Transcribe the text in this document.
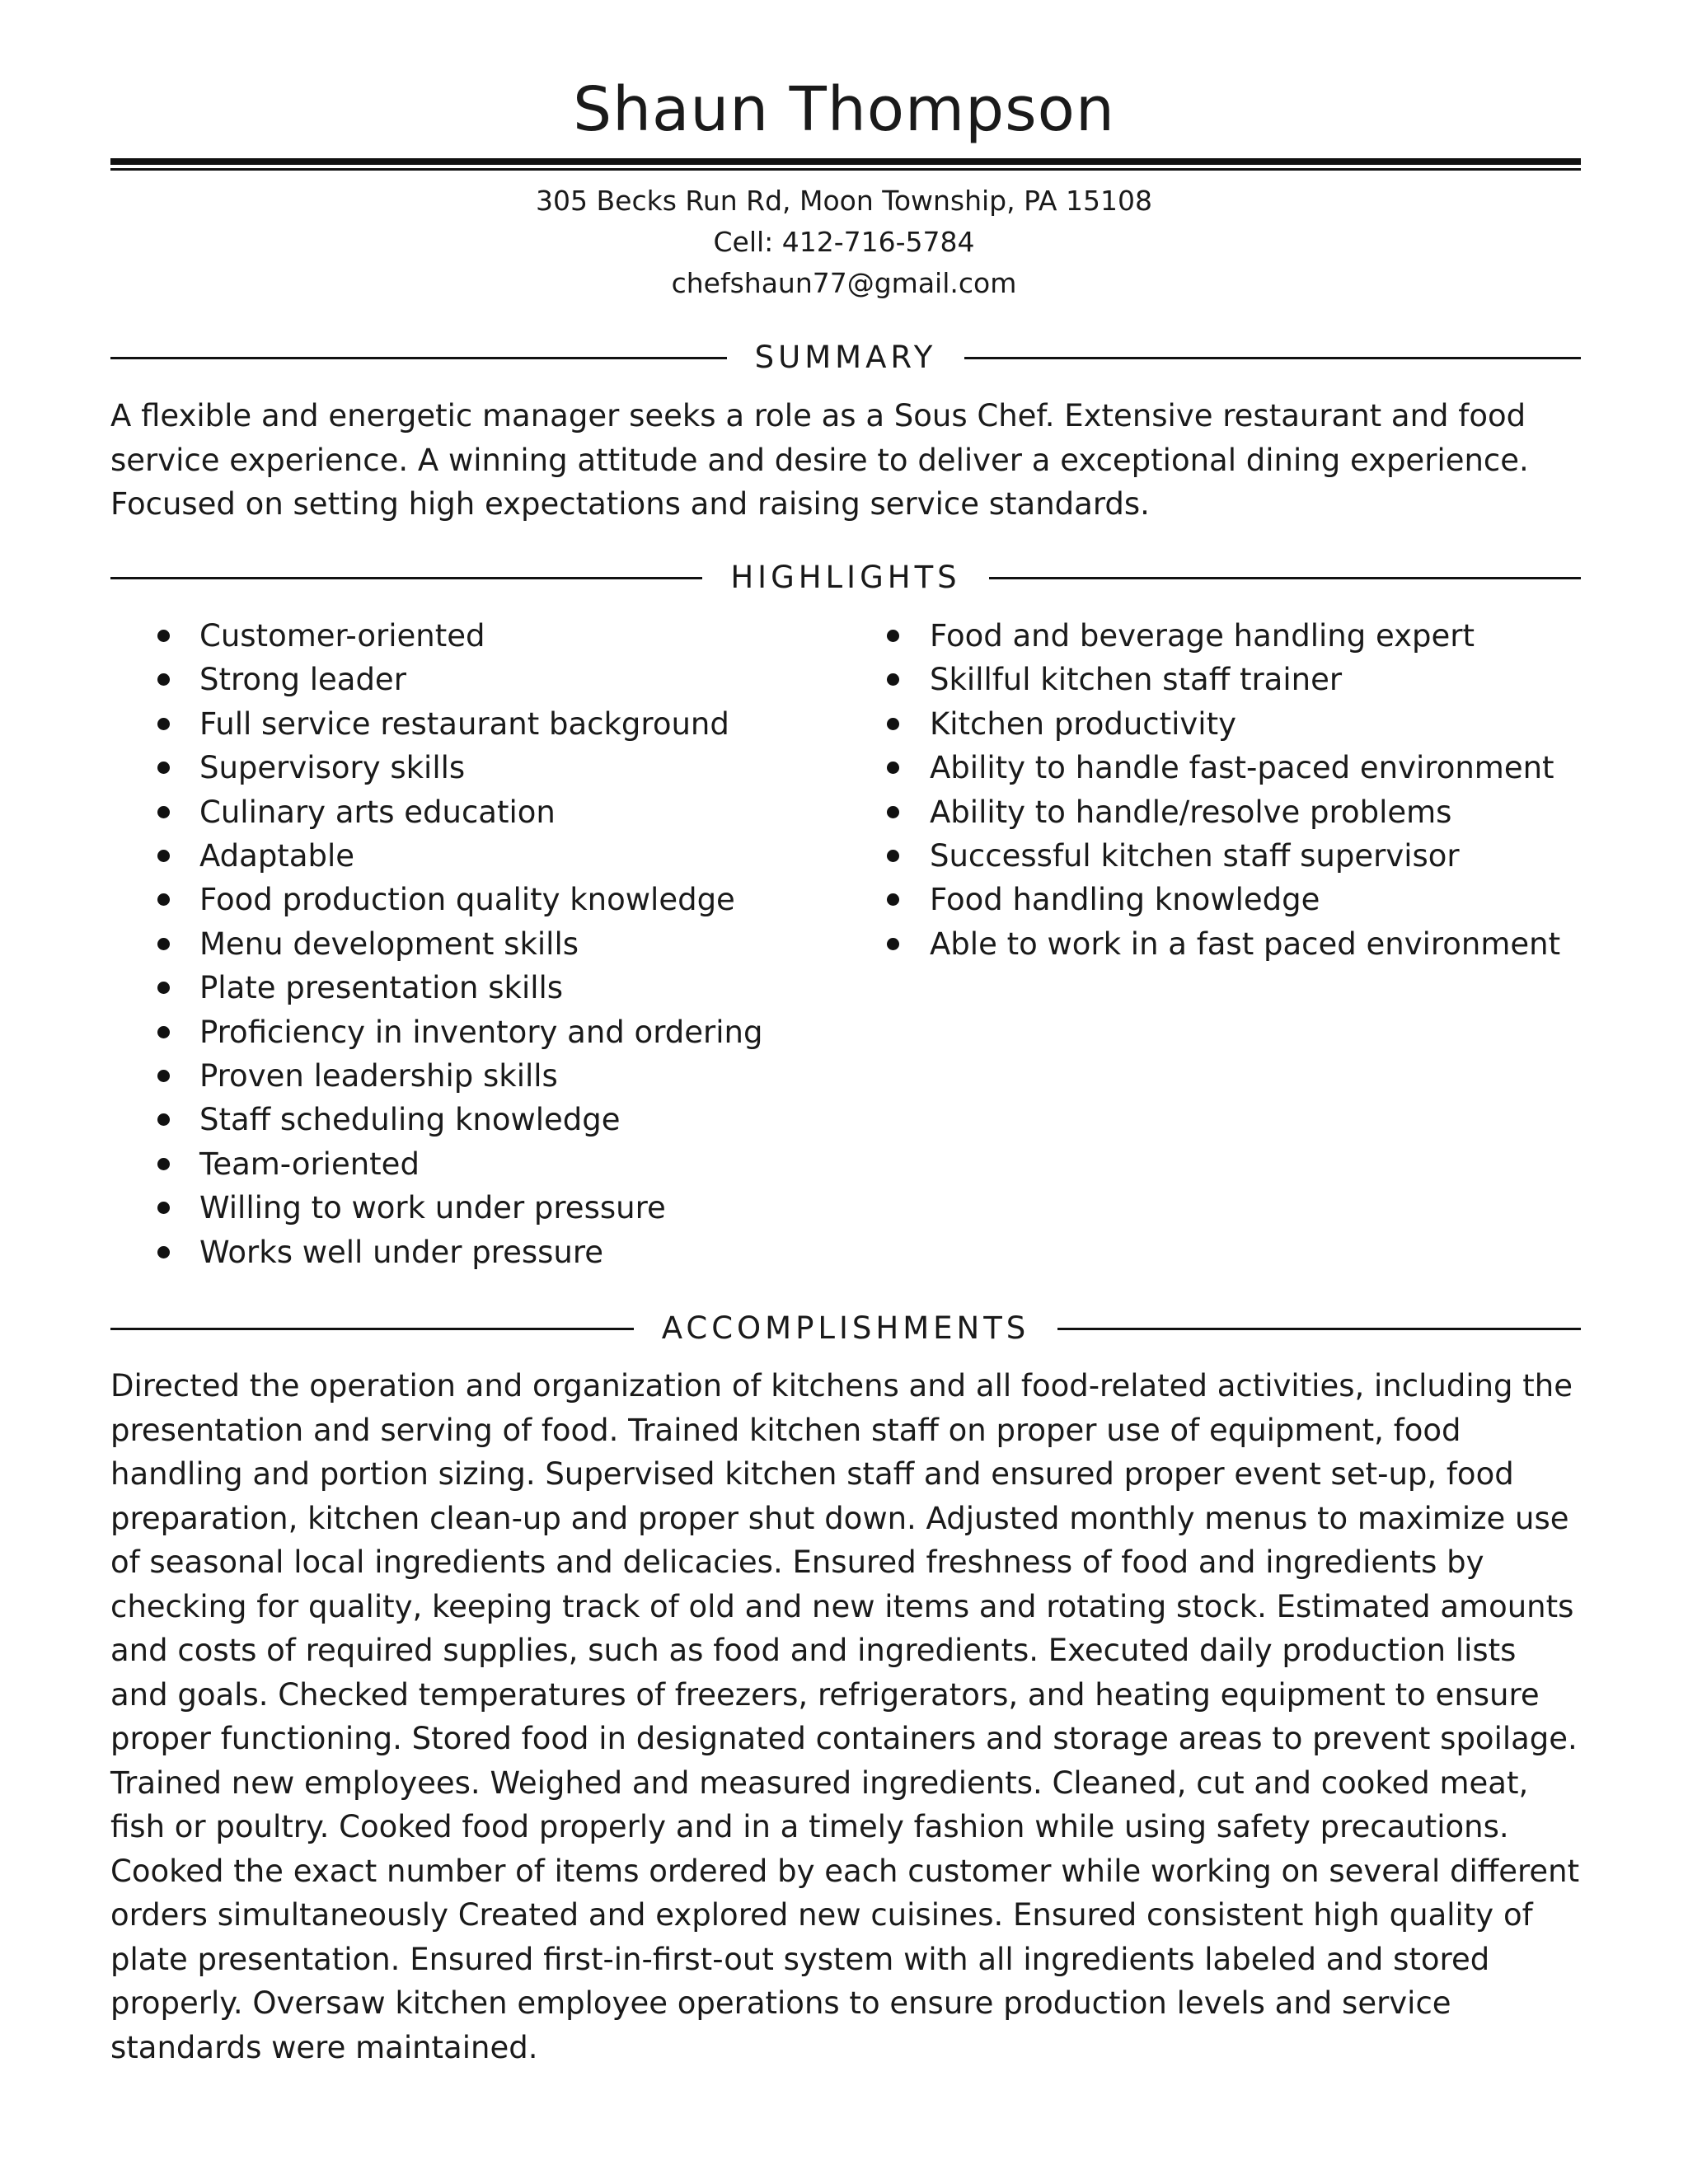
Shaun Thompson
305 Becks Run Rd, Moon Township, PA 15108
Cell: 412-716-5784
chefshaun77@gmail.com
SUMMARY

A flexible and energetic manager seeks a role as a Sous Chef. Extensive restaurant and food service experience. A winning attitude and desire to deliver a exceptional dining experience. Focused on setting high expectations and raising service standards.

HIGHLIGHTS
Customer-oriented
Strong leader
Full service restaurant background
Supervisory skills
Culinary arts education
Adaptable
Food production quality knowledge
Menu development skills
Plate presentation skills
Proficiency in inventory and ordering
Proven leadership skills
Staff scheduling knowledge
Team-oriented
Willing to work under pressure
Works well under pressure
Food and beverage handling expert
Skillful kitchen staff trainer
Kitchen productivity
Ability to handle fast-paced environment
Ability to handle/resolve problems
Successful kitchen staff supervisor
Food handling knowledge
Able to work in a fast paced environment
ACCOMPLISHMENTS

Directed the operation and organization of kitchens and all food-related activities, including the presentation and serving of food. Trained kitchen staff on proper use of equipment, food handling and portion sizing. Supervised kitchen staff and ensured proper event set-up, food preparation, kitchen clean-up and proper shut down. Adjusted monthly menus to maximize use of seasonal local ingredients and delicacies. Ensured freshness of food and ingredients by checking for quality, keeping track of old and new items and rotating stock. Estimated amounts and costs of required supplies, such as food and ingredients. Executed daily production lists and goals. Checked temperatures of freezers, refrigerators, and heating equipment to ensure proper functioning. Stored food in designated containers and storage areas to prevent spoilage. Trained new employees. Weighed and measured ingredients. Cleaned, cut and cooked meat, fish or poultry. Cooked food properly and in a timely fashion while using safety precautions. Cooked the exact number of items ordered by each customer while working on several different orders simultaneously Created and explored new cuisines. Ensured consistent high quality of plate presentation. Ensured first-in-first-out system with all ingredients labeled and stored properly. Oversaw kitchen employee operations to ensure production levels and service standards were maintained.
